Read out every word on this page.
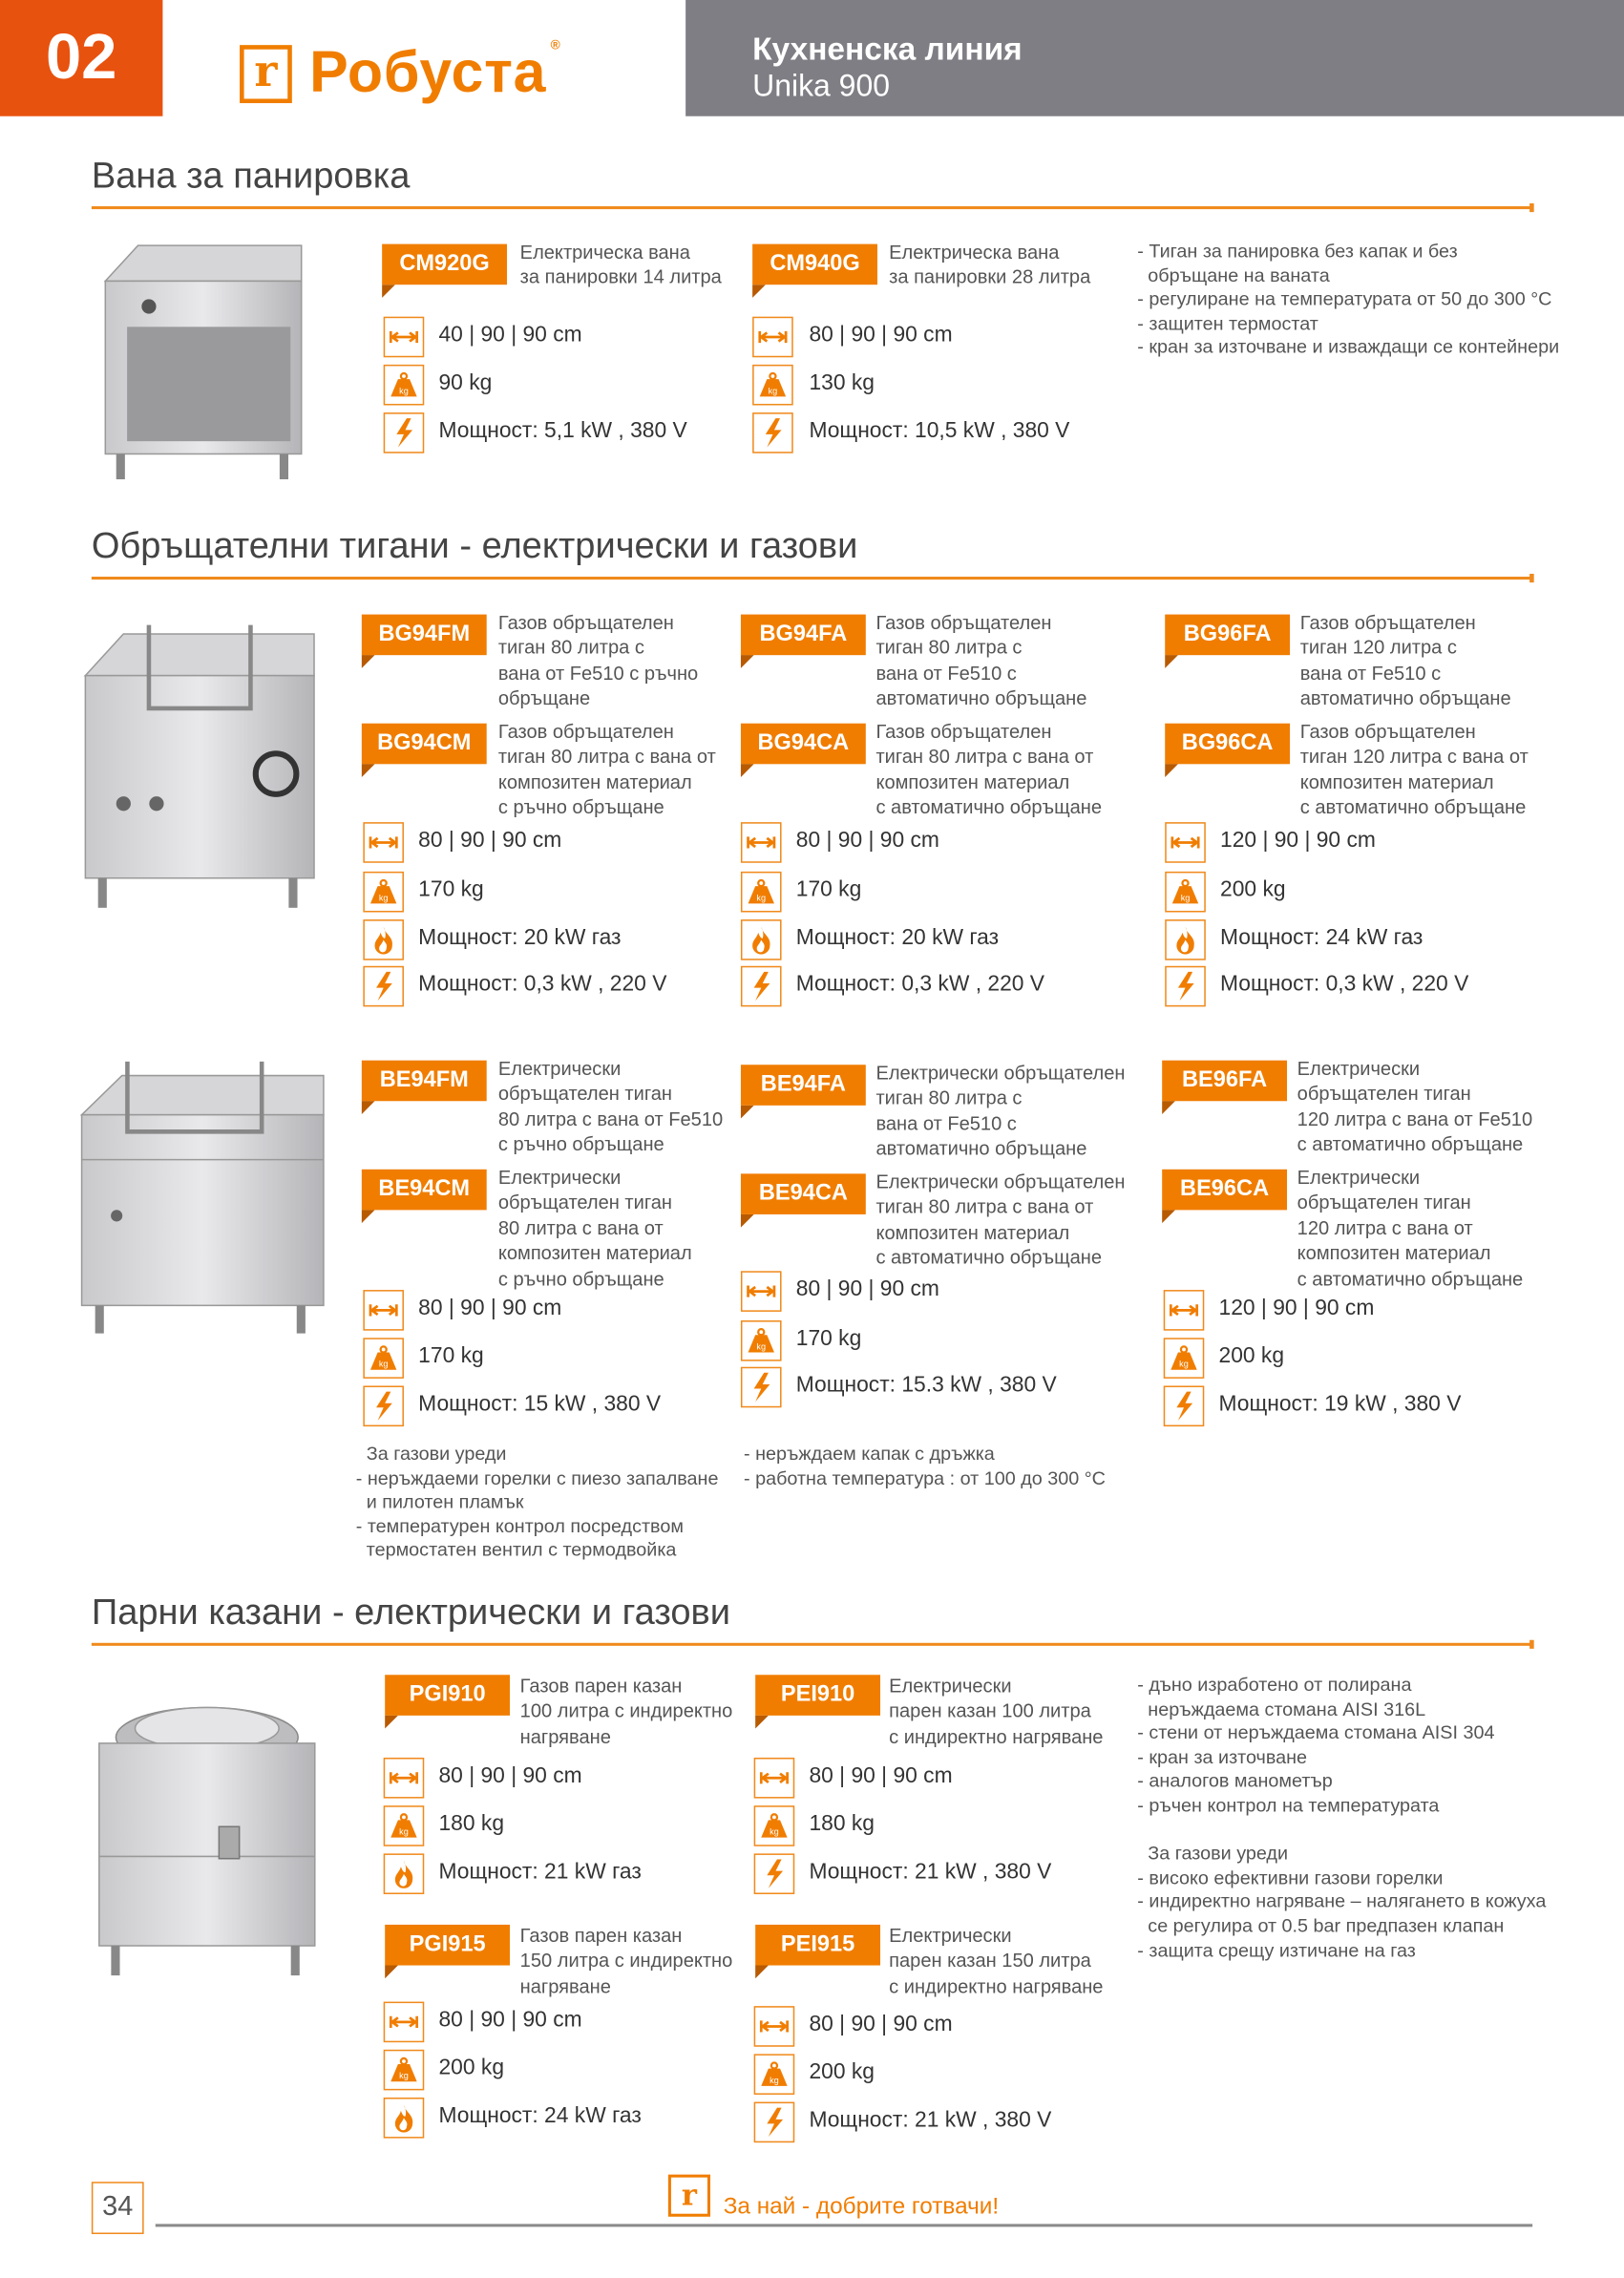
02	r Робуста ®	Кухненска линия
Unika 900
34	r	За най - добрите готвачи!
Вана за панировка
CM920G	Електрическа вана
за панировки 14 литра
CM940G	Електрическа вана
за панировки 28 литра
40 | 90 | 90 cm
kg 90 kg
Мощност: 5,1 kW , 380 V
80 | 90 | 90 cm
kg 130 kg
Мощност: 10,5 kW , 380 V
- Тиган за панировка без капак и без
обръщане на ваната
- регулиране на температурата от 50 до 300 °C
- защитен термостат
- кран за източване и изваждащи се контейнери
Обръщателни тигани - електрически и газови
BG94FM	Газов обръщателен
тиган 80 литра с
вана от Fe510 с ръчно
обръщане
BG94CM	Газов обръщателен
тиган 80 литра с вана от
композитен материал
с ръчно обръщане
BG94FA	Газов обръщателен
тиган 80 литра с
вана от Fe510 с
автоматично обръщане
BG94CA	Газов обръщателен
тиган 80 литра с вана от
композитен материал
с автоматично обръщане
BG96FA	Газов обръщателен
тиган 120 литра с
вана от Fe510 с
автоматично обръщане
BG96CA	Газов обръщателен
тиган 120 литра с вана от
композитен материал
с автоматично обръщане
80 | 90 | 90 cm
kg 170 kg
Мощност: 20 kW газ
Мощност: 0,3 kW , 220 V
80 | 90 | 90 cm
kg 170 kg
Мощност: 20 kW газ
Мощност: 0,3 kW , 220 V
120 | 90 | 90 cm
kg 200 kg
Мощност: 24 kW газ
Мощност: 0,3 kW , 220 V
BE94FM	Електрически
обръщателен тиган
80 литра с вана от Fe510
с ръчно обръщане
BE94CM	Електрически
обръщателен тиган
80 литра с вана от
композитен материал
с ръчно обръщане
BE94FA	Електрически обръщателен
тиган 80 литра с
вана от Fe510 с
автоматично обръщане
BE94CA	Електрически обръщателен
тиган 80 литра с вана от
композитен материал
с автоматично обръщане
BE96FA	Електрически
обръщателен тиган
120 литра с вана от Fe510
с автоматично обръщане
BE96CA	Електрически
обръщателен тиган
120 литра с вана от
композитен материал
с автоматично обръщане
80 | 90 | 90 cm
kg 170 kg
Мощност: 15 kW , 380 V
80 | 90 | 90 cm
kg 170 kg
Мощност: 15.3 kW , 380 V
120 | 90 | 90 cm
kg 200 kg
Мощност: 19 kW , 380 V
За газови уреди
- неръждаеми горелки с пиезо запалване
и пилотен пламък
- температурен контрол посредством
термостатен вентил с термодвойка
- неръждаем капак с дръжка
- работна температура : от 100 до 300 °C
Парни казани - електрически и газови
PGI910	Газов парен казан
100 литра с индиректно
нагряване
PEI910	Електрически
парен казан 100 литра
с индиректно нагряване
PGI915	Газов парен казан
150 литра с индиректно
нагряване
PEI915	Електрически
парен казан 150 литра
с индиректно нагряване
80 | 90 | 90 cm
kg 180 kg
Мощност: 21 kW газ
80 | 90 | 90 cm
kg 180 kg
Мощност: 21 kW , 380 V
80 | 90 | 90 cm
kg 200 kg
Мощност: 24 kW газ
80 | 90 | 90 cm
kg 200 kg
Мощност: 21 kW , 380 V
- дъно изработено от полирана
неръждаема стомана AISI 316L
- стени от неръждаема стомана AISI 304
- кран за източване
- аналогов манометър
- ръчен контрол на температурата

За газови уреди
- високо ефективни газови горелки
- индиректно нагряване – налягането в кожуха
се регулира от 0.5 bar предпазен клапан
- защита срещу изтичане на газ
